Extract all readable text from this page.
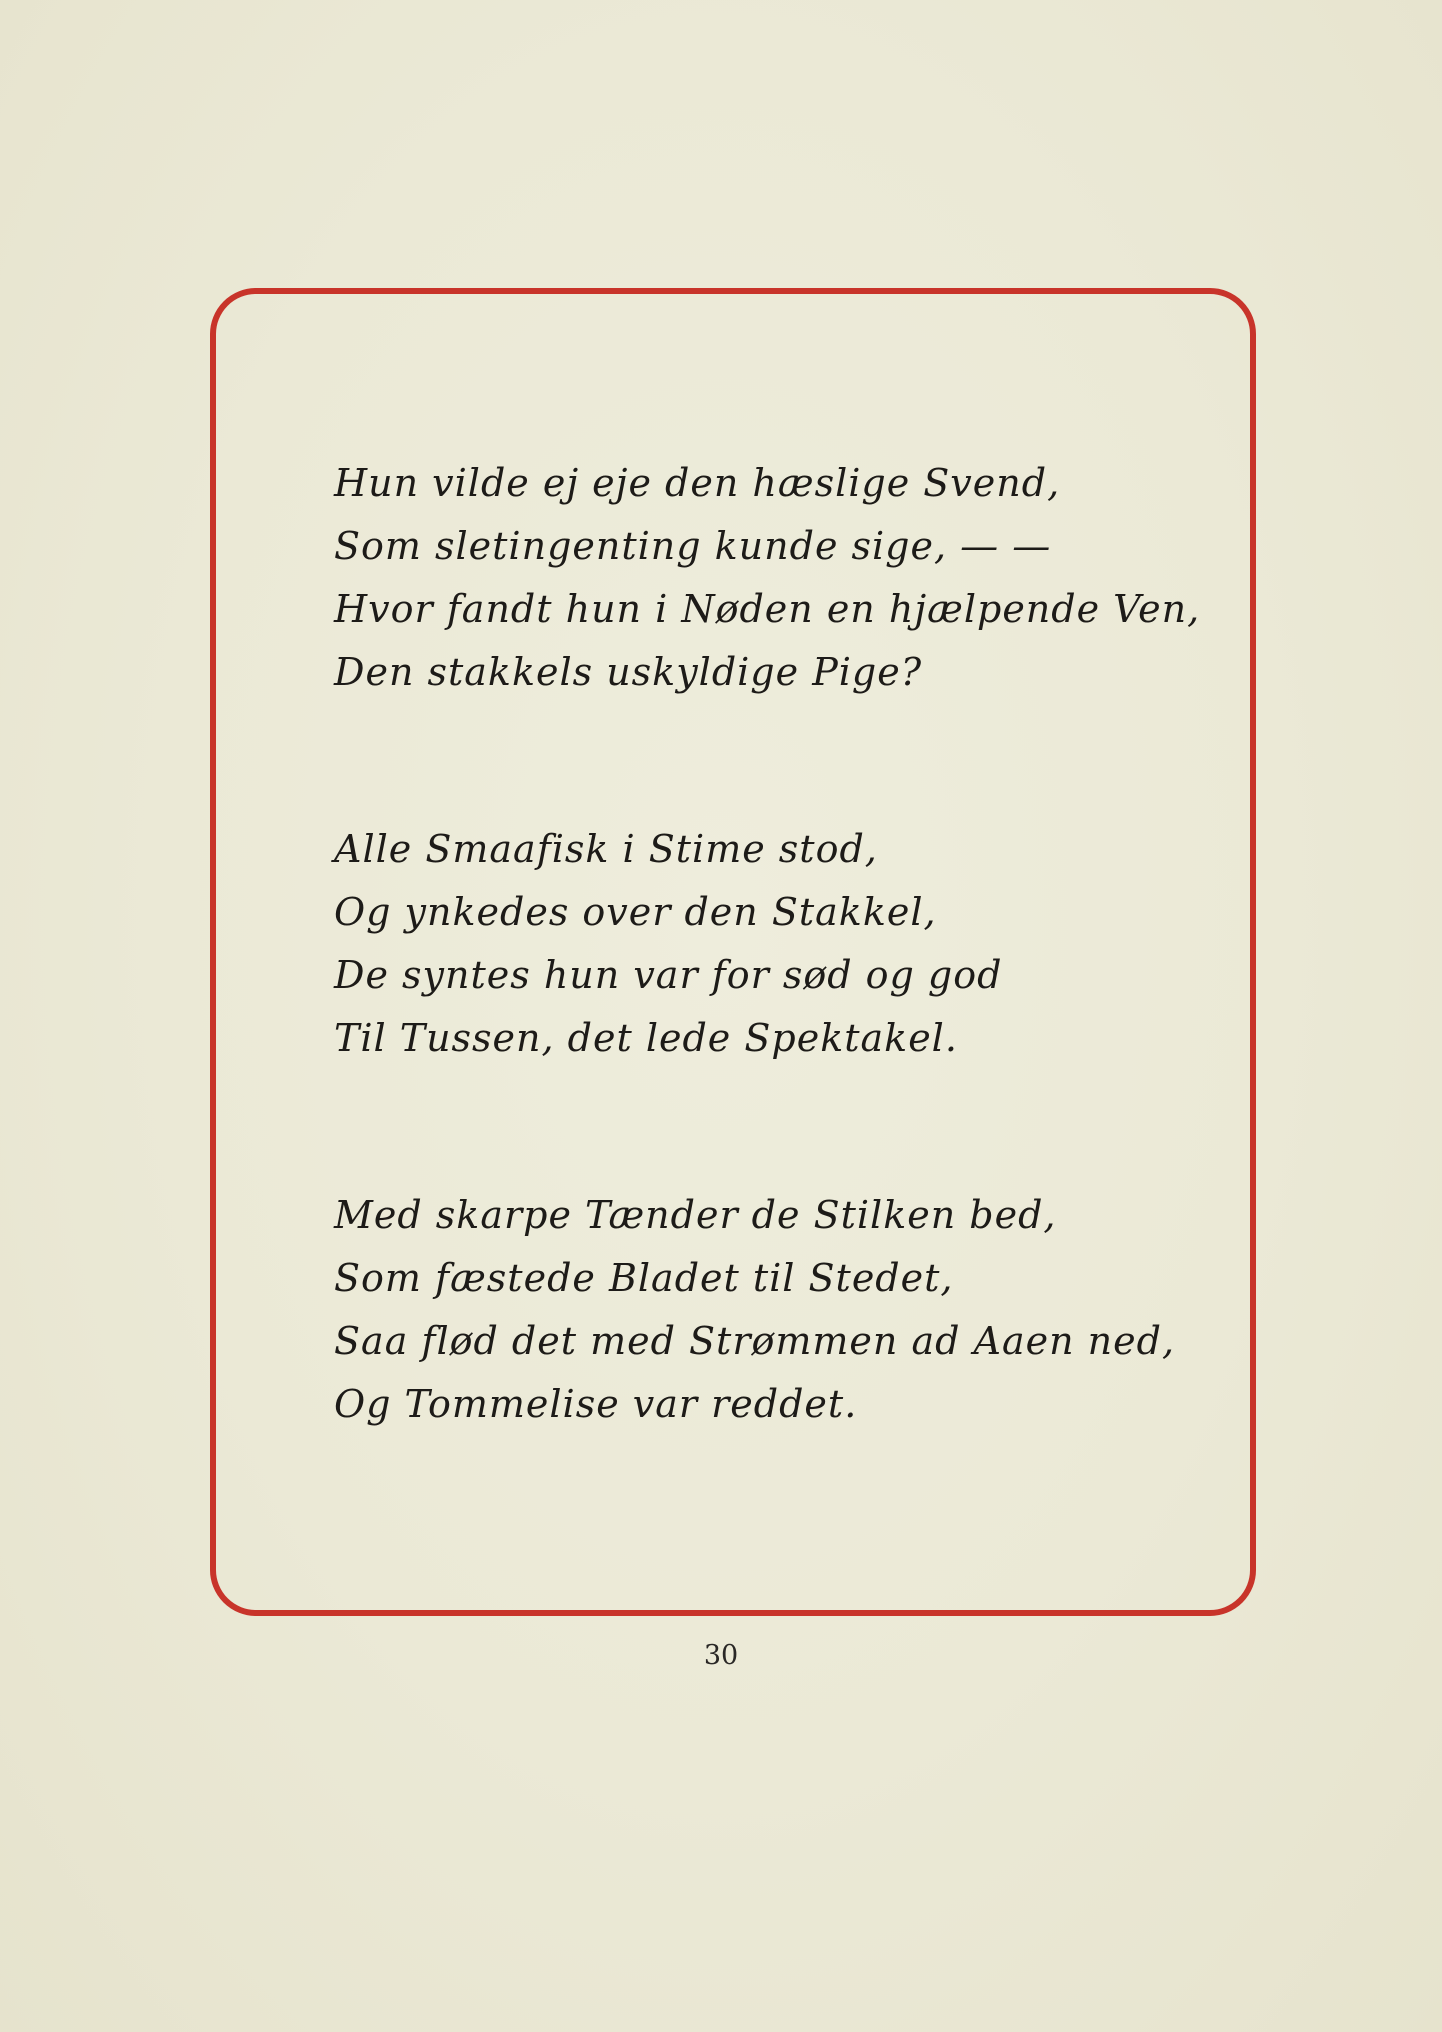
Hun vilde ej eje den hæslige Svend,
Som sletingenting kunde sige, — —
Hvor fandt hun i Nøden en hjælpende Ven,
Den stakkels uskyldige Pige?
Alle Smaafisk i Stime stod,
Og ynkedes over den Stakkel,
De syntes hun var for sød og god
Til Tussen, det lede Spektakel.
Med skarpe Tænder de Stilken bed,
Som fæstede Bladet til Stedet,
Saa flød det med Strømmen ad Aaen ned,
Og Tommelise var reddet.
30
